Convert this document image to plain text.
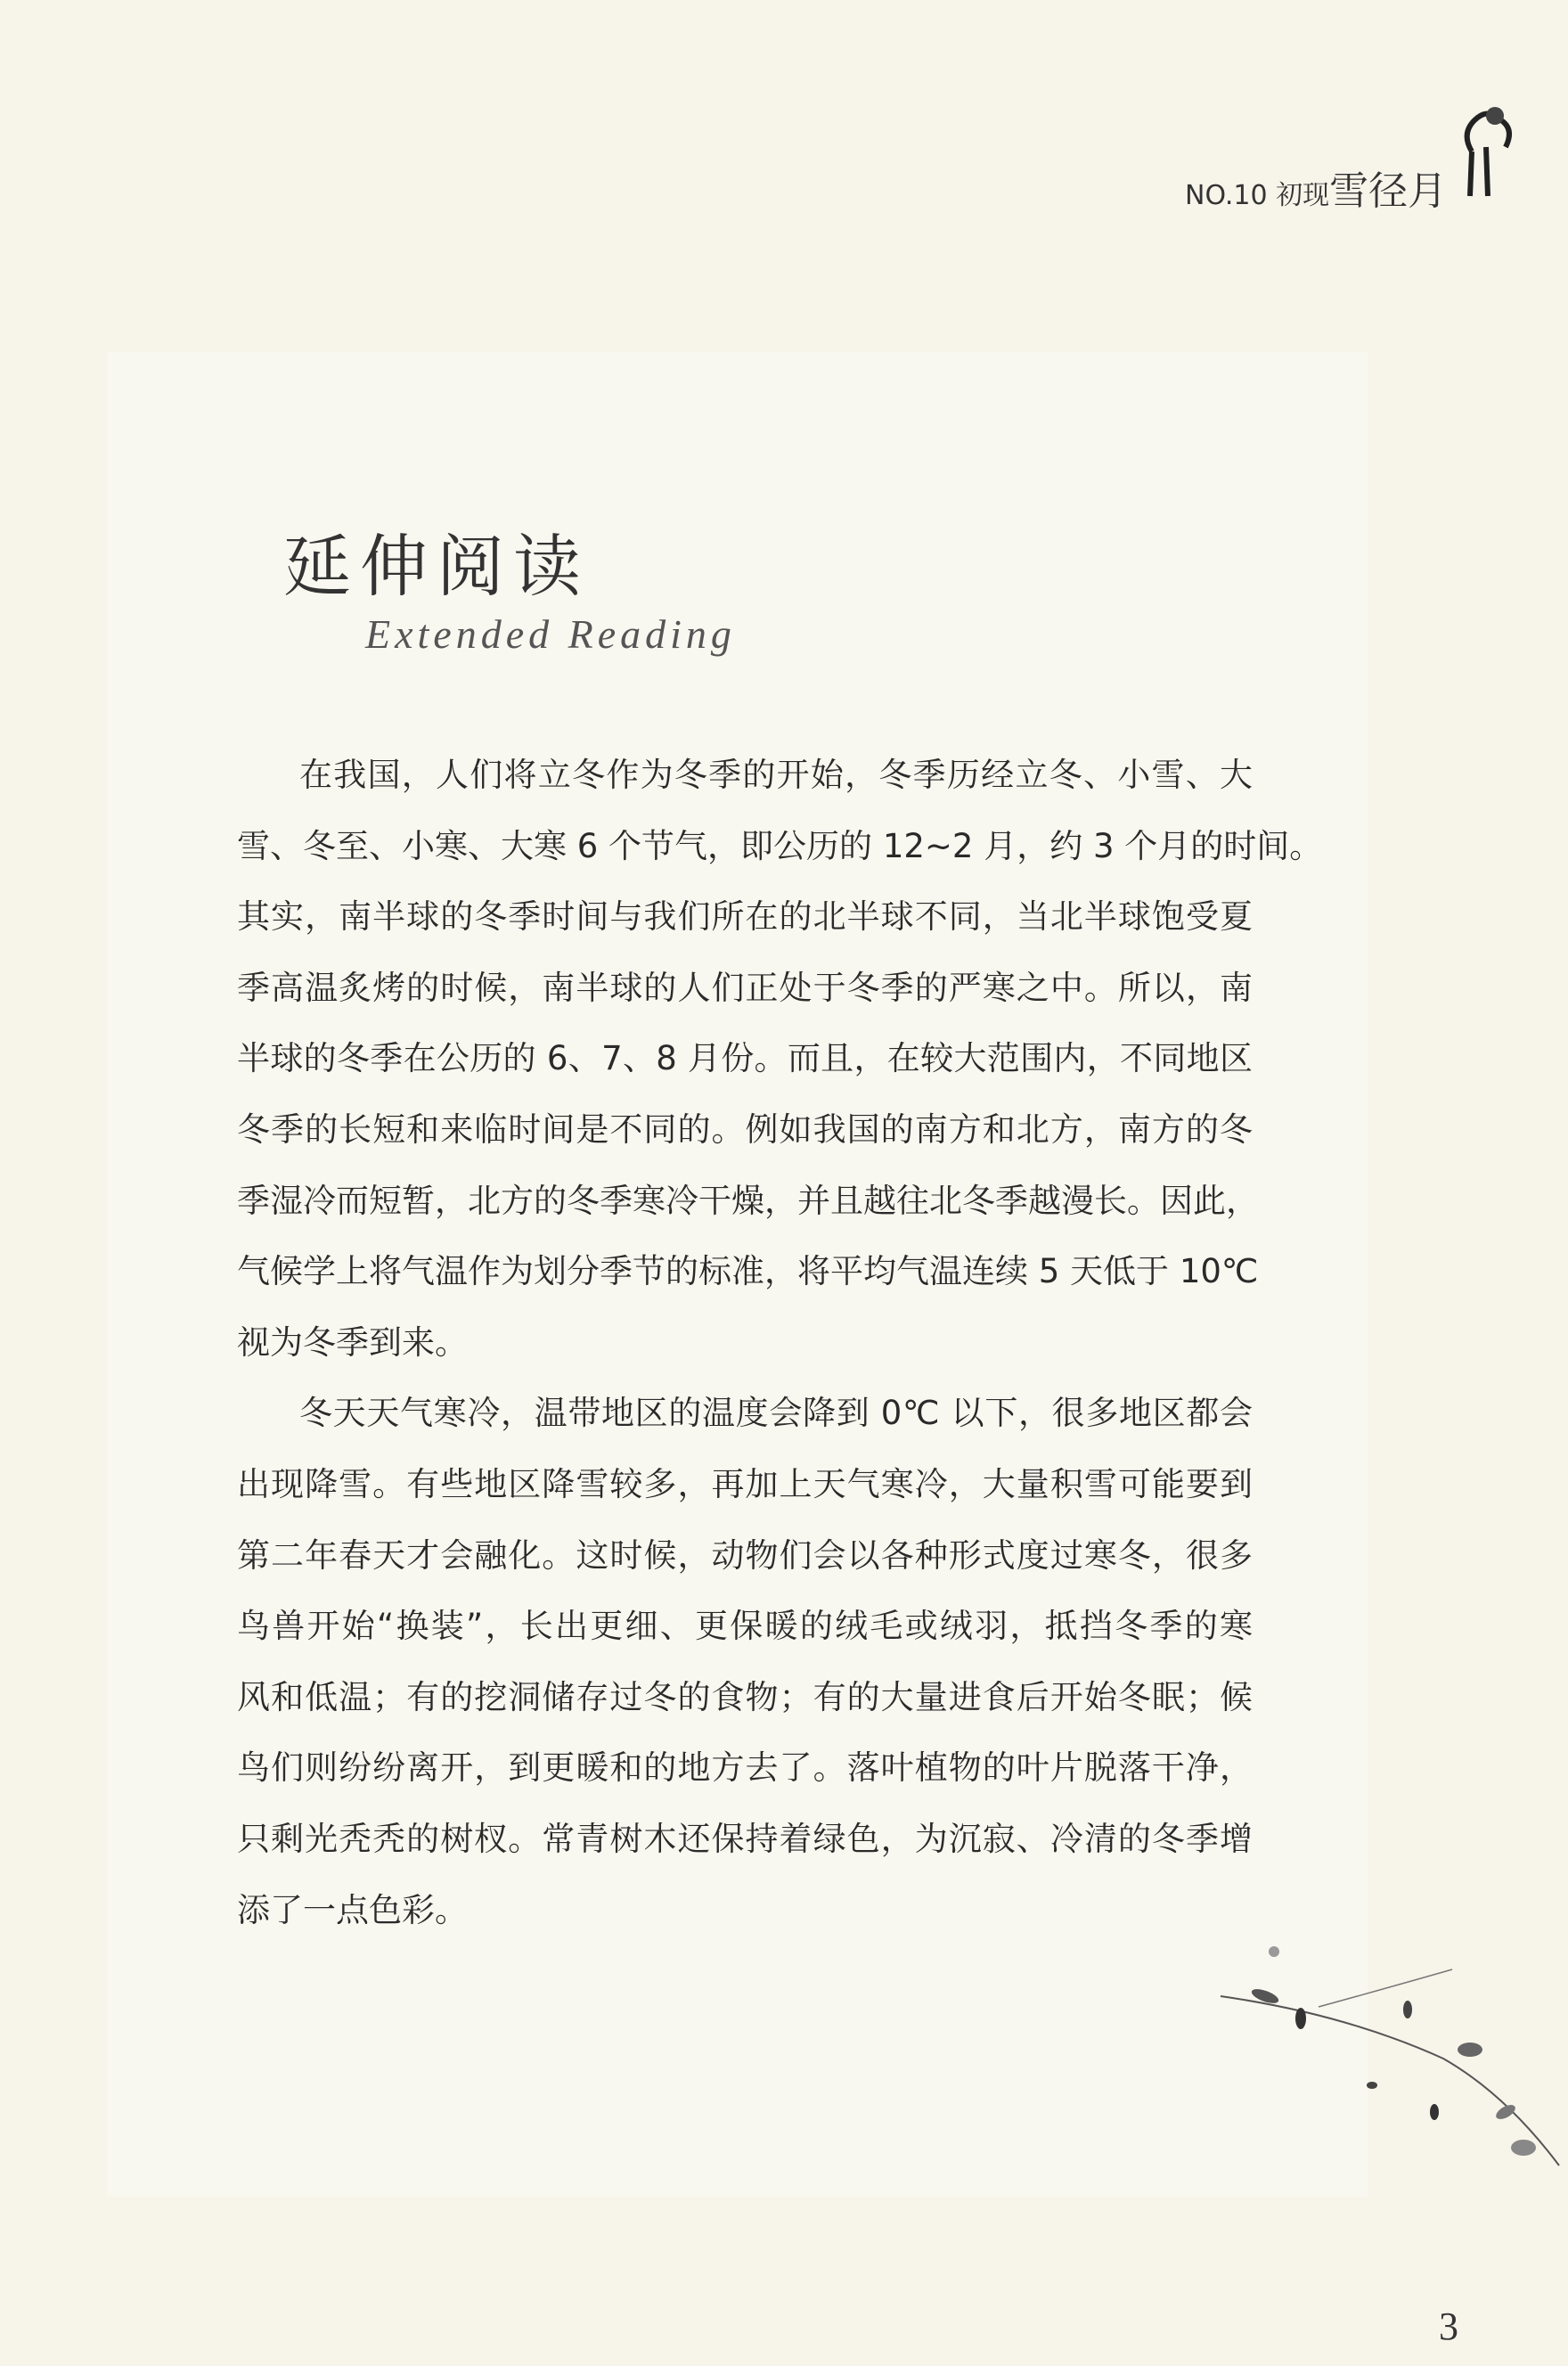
NO.10 初现雪径月
延伸阅读
Extended Reading
在我国，人们将立冬作为冬季的开始，冬季历经立冬、小雪、大
雪、冬至、小寒、大寒 6 个节气，即公历的 12~2 月，约 3 个月的时间。
其实，南半球的冬季时间与我们所在的北半球不同，当北半球饱受夏
季高温炙烤的时候，南半球的人们正处于冬季的严寒之中。所以，南
半球的冬季在公历的 6、7、8 月份。而且，在较大范围内，不同地区
冬季的长短和来临时间是不同的。例如我国的南方和北方，南方的冬
季湿冷而短暂，北方的冬季寒冷干燥，并且越往北冬季越漫长。因此，
气候学上将气温作为划分季节的标准，将平均气温连续 5 天低于 10℃
视为冬季到来。
冬天天气寒冷，温带地区的温度会降到 0℃ 以下，很多地区都会
出现降雪。有些地区降雪较多，再加上天气寒冷，大量积雪可能要到
第二年春天才会融化。这时候，动物们会以各种形式度过寒冬，很多
鸟兽开始“换装”，长出更细、更保暖的绒毛或绒羽，抵挡冬季的寒
风和低温；有的挖洞储存过冬的食物；有的大量进食后开始冬眠；候
鸟们则纷纷离开，到更暖和的地方去了。落叶植物的叶片脱落干净，
只剩光秃秃的树杈。常青树木还保持着绿色，为沉寂、冷清的冬季增
添了一点色彩。
3
